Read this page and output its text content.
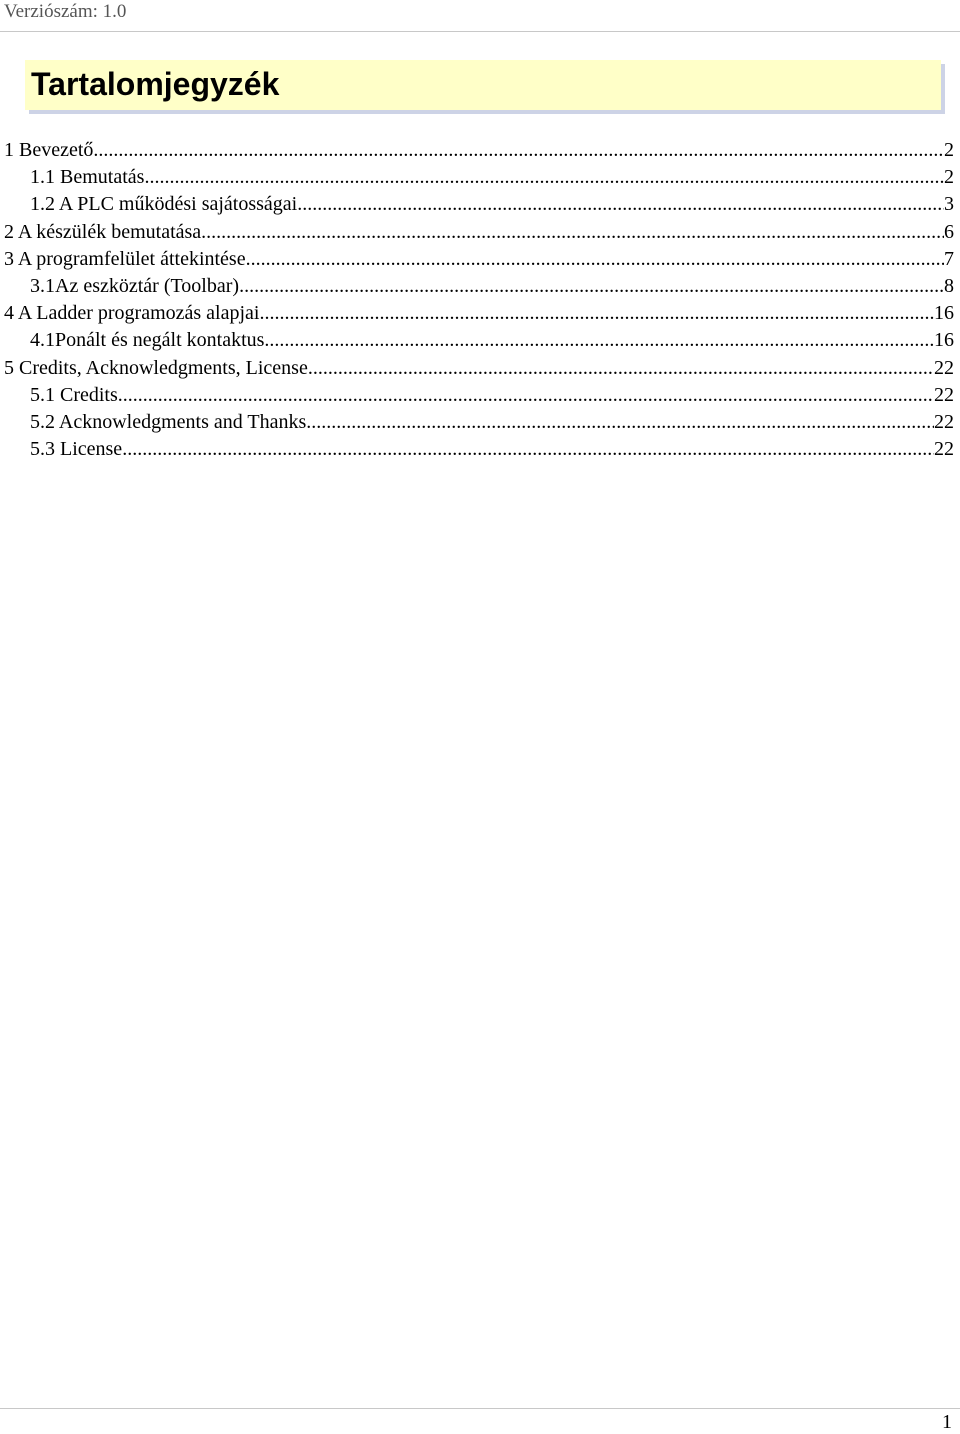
Verziószám: 1.0
Tartalomjegyzék
1 Bevezető .....	2
1.1 Bemutatás .....	2
1.2 A PLC működési sajátosságai .....	3
2 A készülék bemutatása .....	6
3 A programfelület áttekintése .....	7
3.1Az eszköztár (Toolbar) .....	8
4 A Ladder programozás alapjai .....	16
4.1Ponált és negált kontaktus .....	16
5 Credits, Acknowledgments, License .....	22
5.1 Credits .....	22
5.2 Acknowledgments and Thanks .....	22
5.3 License .....	22
1
